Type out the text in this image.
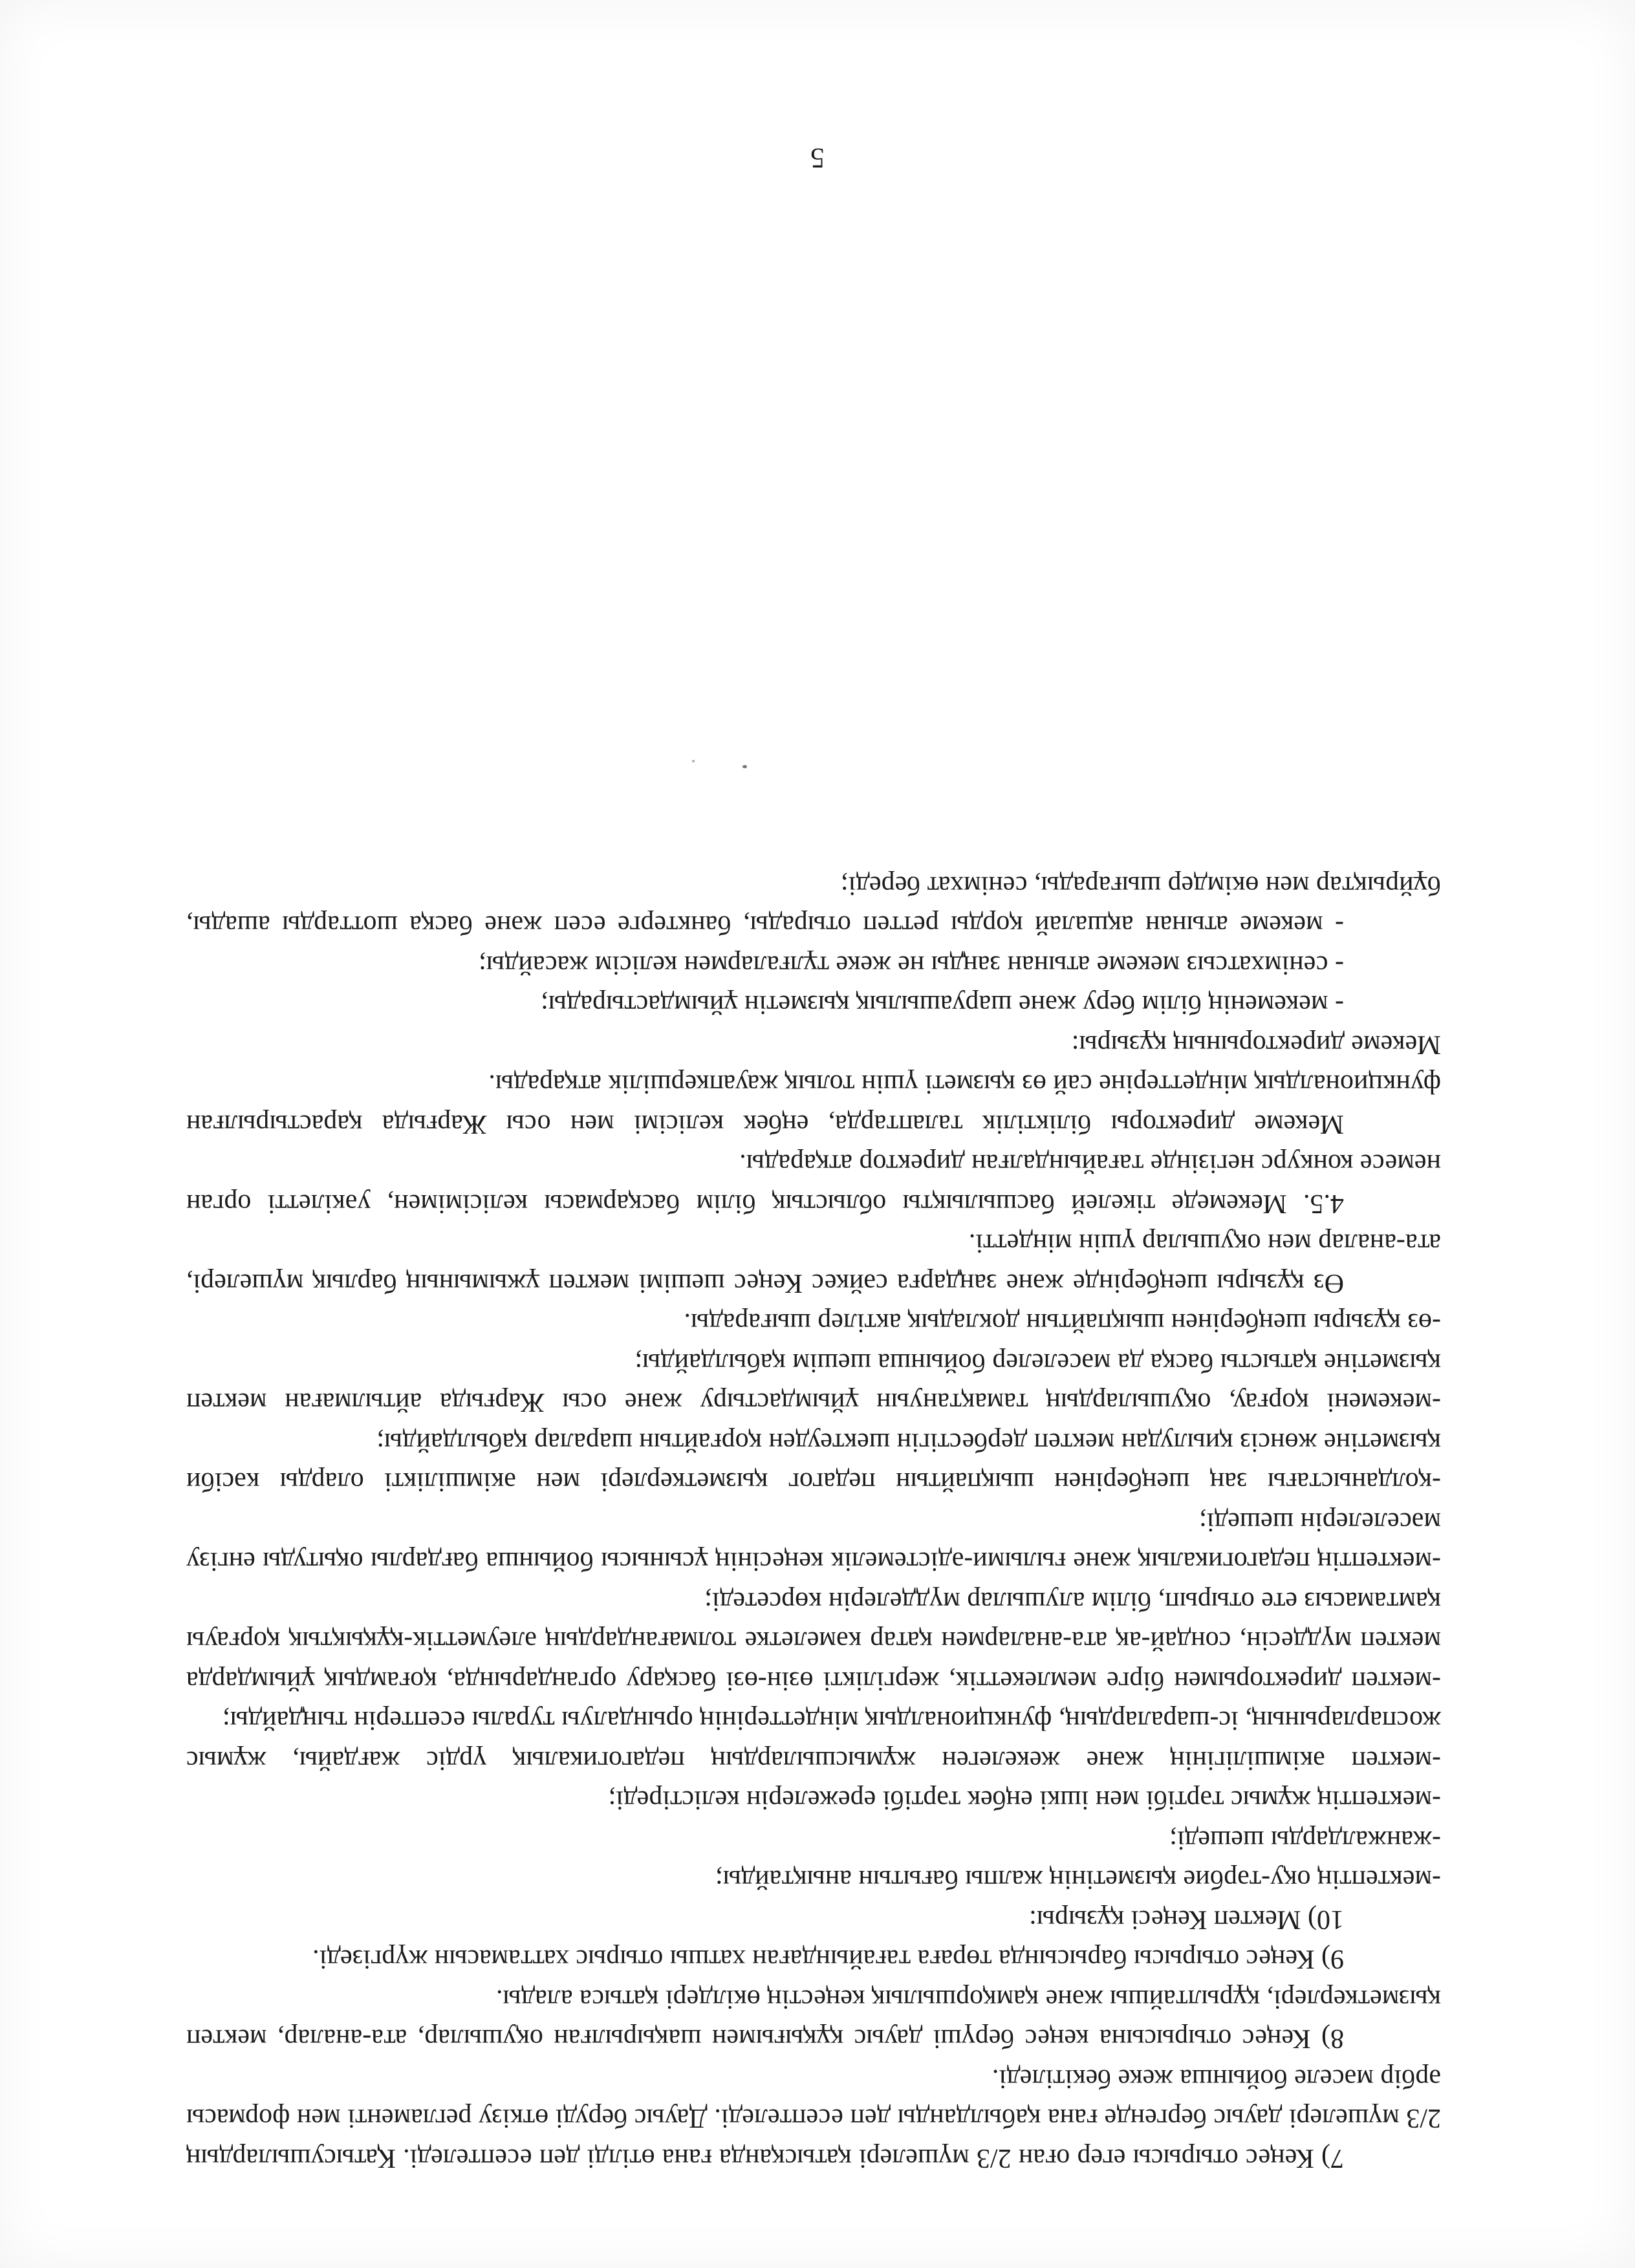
7) Кеңес отырысы егер оған 2/3 мүшелері қатысқанда ғана өтілді деп есептеледі. Қатысушылардың 2/3 мүшелері дауыс бергенде ғана қабылданды деп есептеледі. Дауыс беруді өткізу регламенті мен формасы әрбір мәселе бойынша жеке бекітіледі.

8) Кеңес отырысына кеңес берүші дауыс құқығымен шақырылған оқушылар, ата-аналар, мектеп қызметкерлері, құрылтайшы және қамқоршылық кеңестің өкілдері қатыса алады.

9) Кеңес отырысы барысында төраға тағайындаған хатшы отырыс хаттамасын жүргізеді.

10) Мектеп Кеңесі құзыры:

-мектептің оқу-тәрбие қызметінің жалпы бағытын анықтайды;

-жанжалдарды шешеді;

-мектептің жұмыс тәртібі мен ішкі еңбек тәртібі ережелерін келістіреді;

-мектеп әкімшілігінің және жекелеген жұмысшылардың педагогикалық үрдіс жағдайы, жұмыс жоспарларының, іс-шаралардың, функционалдық міндеттерінің орындалуы туралы есептерін тыңдайды;

-мектеп директорымен бірге мемлекеттік, жергілікті өзін-өзі басқару органдарында, қоғамдық ұйымдарда мектеп мүддесін, сондай-ақ ата-аналармен қатар кәмелетке толмағандардың әлеуметтік-құқықтық қорғауы қамтамасыз ете отырып, білім алушылар мүдделерін көрсетеді;

-мектептің педагогикалық және ғылыми-әдістемелік кеңесінің ұсынысы бойынша бағдарлы оқытуды енгізу мәселелерін шешеді;

-қолданыстағы заң шеңберінен шықпайтын педагог қызметкерлері мен әкімшілікті оларды кәсіби қызметіне жөнсіз қиылудан мектеп дербестігін шектеуден қорғайтын шаралар қабылдайды;

-мекемені қорғау, оқушылардың тамақтануын ұйымдастыру және осы Жарғыда айтылмаған мектеп қызметіне қатысты басқа да мәселелер бойынша шешім қабылдайды;

-өз құзыры шеңберінен шықпайтын докладық актілер шығарады.

Өз құзыры шеңберінде және заңдарға сәйкес Кеңес шешімі мектеп ұжымының барлық мүшелері, ата-аналар мен оқушылар үшін міндетті.

4.5. Мекемеде тікелей басшылықты облыстық білім басқармасы келісімімен, уәкілетті орган немесе конкурс негізінде тағайындалған директор атқарады.

Мекеме директоры біліктілік талаптарда, еңбек келісімі мен осы Жарғыда қарастырылған функционалдық міндеттеріне сай өз қызметі үшін толық жауапкершілік атқарады.

Мекеме директорының құзыры:

- мекеменің білім беру және шаруашылық қызметін ұйымдастырады;

- сенімхатсыз мекеме атынан заңды не жеке тұлғалармен келісім жасайды;

- мекеме атынан ақшалай қорды реттеп отырады, банктерге есеп және басқа шоттарды ашады, бұйрықтар мен өкімдер шығарады, сенімхат береді;

5
